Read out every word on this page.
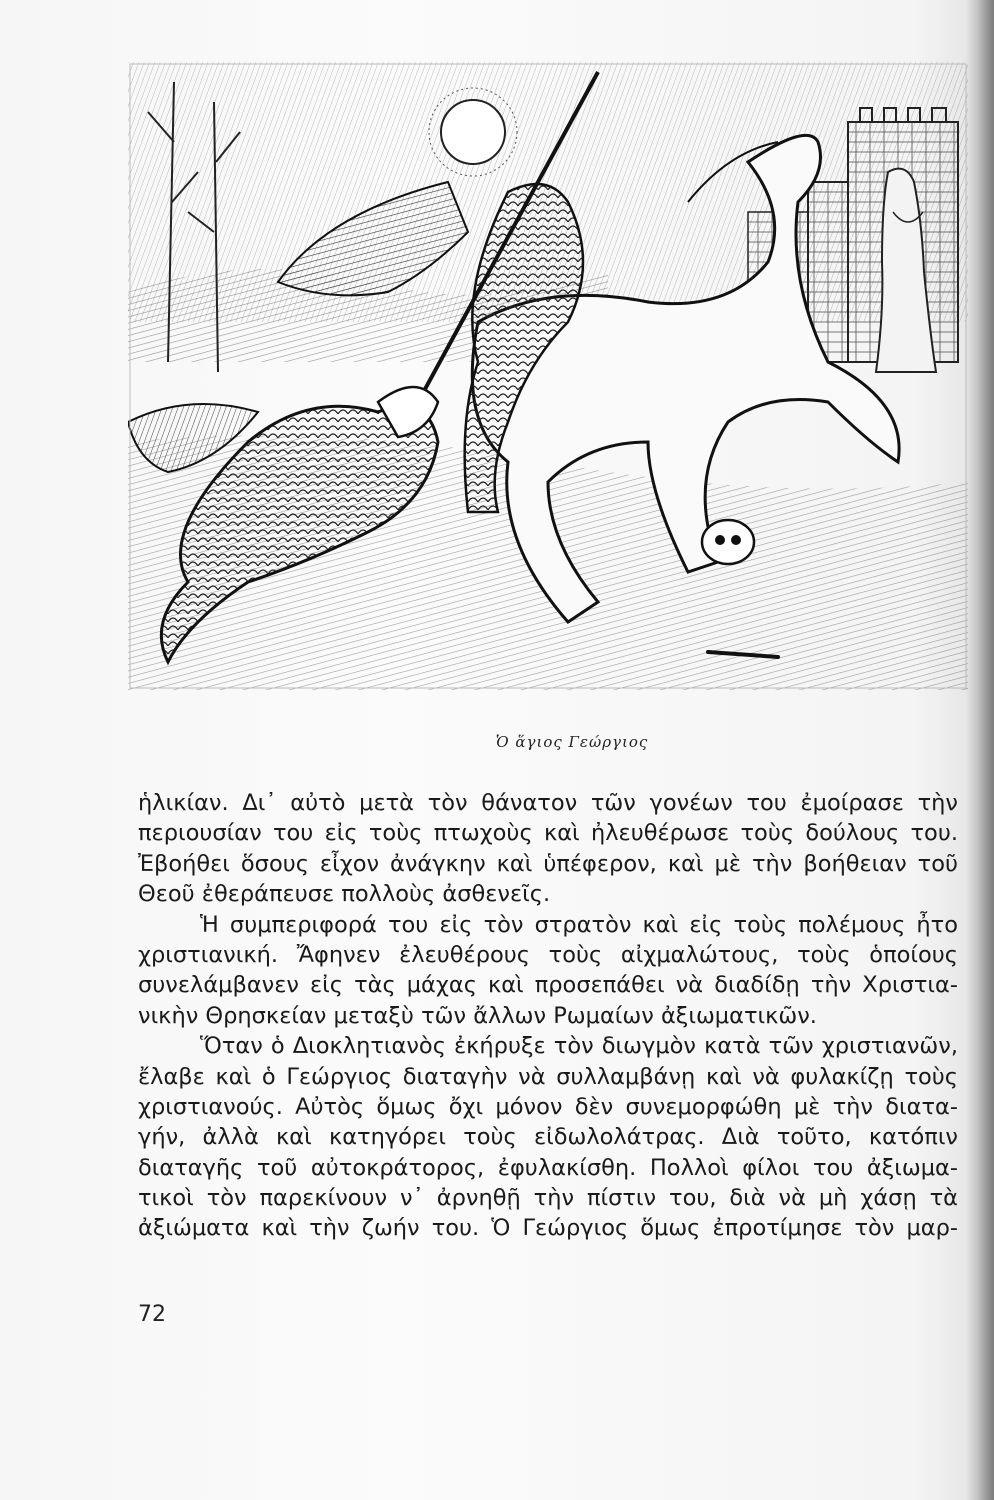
Ὁ ἅγιος Γεώργιος
ἡλικίαν. Δι᾽ αὐτὸ μετὰ τὸν θάνατον τῶν γονέων του ἐμοίρασε τὴν
περιουσίαν του εἰς τοὺς πτωχοὺς καὶ ἠλευθέρωσε τοὺς δούλους του.
Ἐβοήθει ὅσους εἶχον ἀνάγκην καὶ ὑπέφερον, καὶ μὲ τὴν βοήθειαν τοῦ
Θεοῦ ἐθεράπευσε πολλοὺς ἀσθενεῖς.
Ἡ συμπεριφορά του εἰς τὸν στρατὸν καὶ εἰς τοὺς πολέμους ἦτο
χριστιανική. Ἄφηνεν ἐλευθέρους τοὺς αἰχμαλώτους, τοὺς ὁποίους
συνελάμβανεν εἰς τὰς μάχας καὶ προσεπάθει νὰ διαδίδῃ τὴν Χριστια-
νικὴν Θρησκείαν μεταξὺ τῶν ἄλλων Ρωμαίων ἀξιωματικῶν.
Ὅταν ὁ Διοκλητιανὸς ἐκήρυξε τὸν διωγμὸν κατὰ τῶν χριστιανῶν,
ἔλαβε καὶ ὁ Γεώργιος διαταγὴν νὰ συλλαμβάνῃ καὶ νὰ φυλακίζῃ τοὺς
χριστιανούς. Αὐτὸς ὅμως ὄχι μόνον δὲν συνεμορφώθη μὲ τὴν διατα-
γήν, ἀλλὰ καὶ κατηγόρει τοὺς εἰδωλολάτρας. Διὰ τοῦτο, κατόπιν
διαταγῆς τοῦ αὐτοκράτορος, ἐφυλακίσθη. Πολλοὶ φίλοι του ἀξιωμα-
τικοὶ τὸν παρεκίνουν ν᾽ ἀρνηθῇ τὴν πίστιν του, διὰ νὰ μὴ χάσῃ τὰ
ἀξιώματα καὶ τὴν ζωήν του. Ὁ Γεώργιος ὅμως ἐπροτίμησε τὸν μαρ-
72
